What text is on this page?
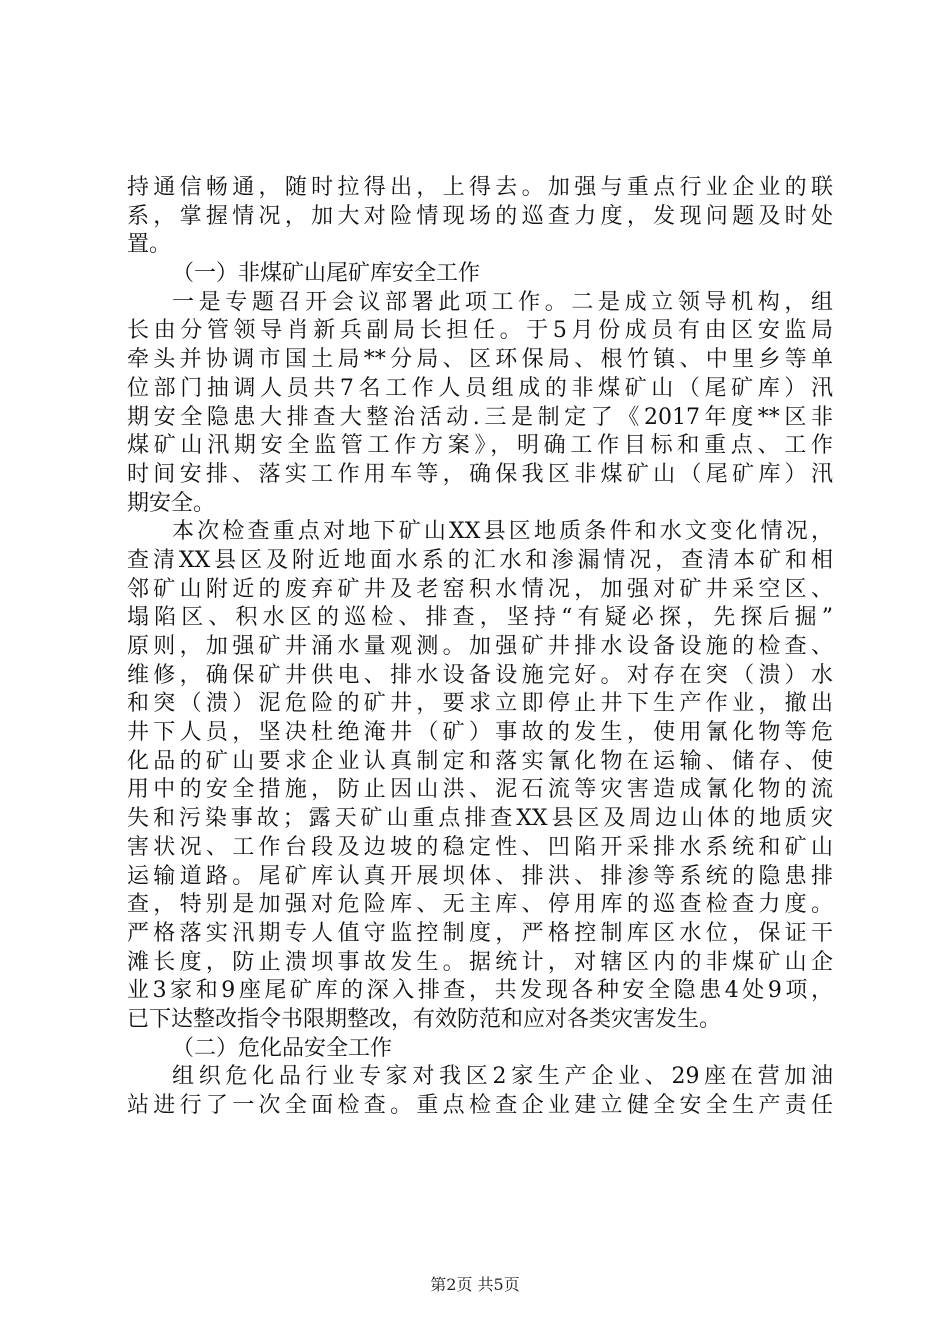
持通信畅通，随时拉得出，上得去。加强与重点行业企业的联
系，掌握情况，加大对险情现场的巡查力度，发现问题及时处
置。
（一）非煤矿山尾矿库安全工作
一是专题召开会议部署此项工作。二是成立领导机构，组
长由分管领导肖新兵副局长担任。于5月份成员有由区安监局
牵头并协调市国土局**分局、区环保局、根竹镇、中里乡等单
位部门抽调人员共7名工作人员组成的非煤矿山（尾矿库）汛
期安全隐患大排查大整治活动.三是制定了《2017年度**区非
煤矿山汛期安全监管工作方案》，明确工作目标和重点、工作
时间安排、落实工作用车等，确保我区非煤矿山（尾矿库）汛
期安全。
本次检查重点对地下矿山XX县区地质条件和水文变化情况，
查清XX县区及附近地面水系的汇水和渗漏情况，查清本矿和相
邻矿山附近的废弃矿井及老窑积水情况，加强对矿井采空区、
塌陷区、积水区的巡检、排查，坚持“有疑必探，先探后掘”
原则，加强矿井涌水量观测。加强矿井排水设备设施的检查、
维修，确保矿井供电、排水设备设施完好。对存在突（溃）水
和突（溃）泥危险的矿井，要求立即停止井下生产作业，撤出
井下人员，坚决杜绝淹井（矿）事故的发生，使用氰化物等危
化品的矿山要求企业认真制定和落实氰化物在运输、储存、使
用中的安全措施，防止因山洪、泥石流等灾害造成氰化物的流
失和污染事故；露天矿山重点排查XX县区及周边山体的地质灾
害状况、工作台段及边坡的稳定性、凹陷开采排水系统和矿山
运输道路。尾矿库认真开展坝体、排洪、排渗等系统的隐患排
查，特别是加强对危险库、无主库、停用库的巡查检查力度。
严格落实汛期专人值守监控制度，严格控制库区水位，保证干
滩长度，防止溃坝事故发生。据统计，对辖区内的非煤矿山企
业3家和9座尾矿库的深入排查，共发现各种安全隐患4处9项，
已下达整改指令书限期整改，有效防范和应对各类灾害发生。
（二）危化品安全工作
组织危化品行业专家对我区2家生产企业、29座在营加油
站进行了一次全面检查。重点检查企业建立健全安全生产责任
第2页 共5页
